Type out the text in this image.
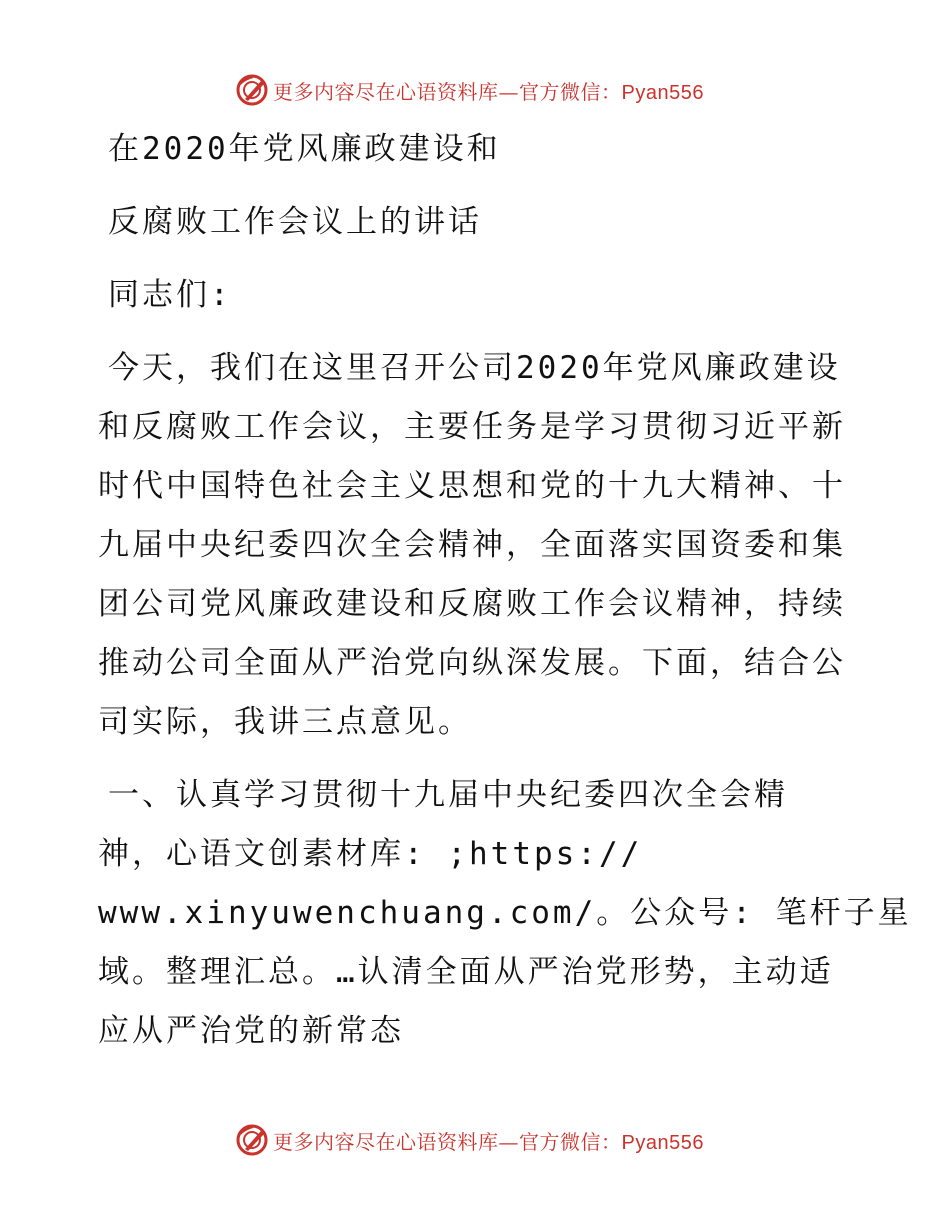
更多内容尽在心语资料库—官方微信：Pyan556
在2020年党风廉政建设和
反腐败工作会议上的讲话
同志们:
今天，我们在这里召开公司2020年党风廉政建设
和反腐败工作会议，主要任务是学习贯彻习近平新
时代中国特色社会主义思想和党的十九大精神、十
九届中央纪委四次全会精神，全面落实国资委和集
团公司党风廉政建设和反腐败工作会议精神，持续
推动公司全面从严治党向纵深发展。下面，结合公
司实际，我讲三点意见。
一、认真学习贯彻十九届中央纪委四次全会精
神，心语文创素材库: ;https://
www.xinyuwenchuang.com/。公众号: 笔杆子星
域。整理汇总。…认清全面从严治党形势，主动适
应从严治党的新常态
更多内容尽在心语资料库—官方微信：Pyan556
